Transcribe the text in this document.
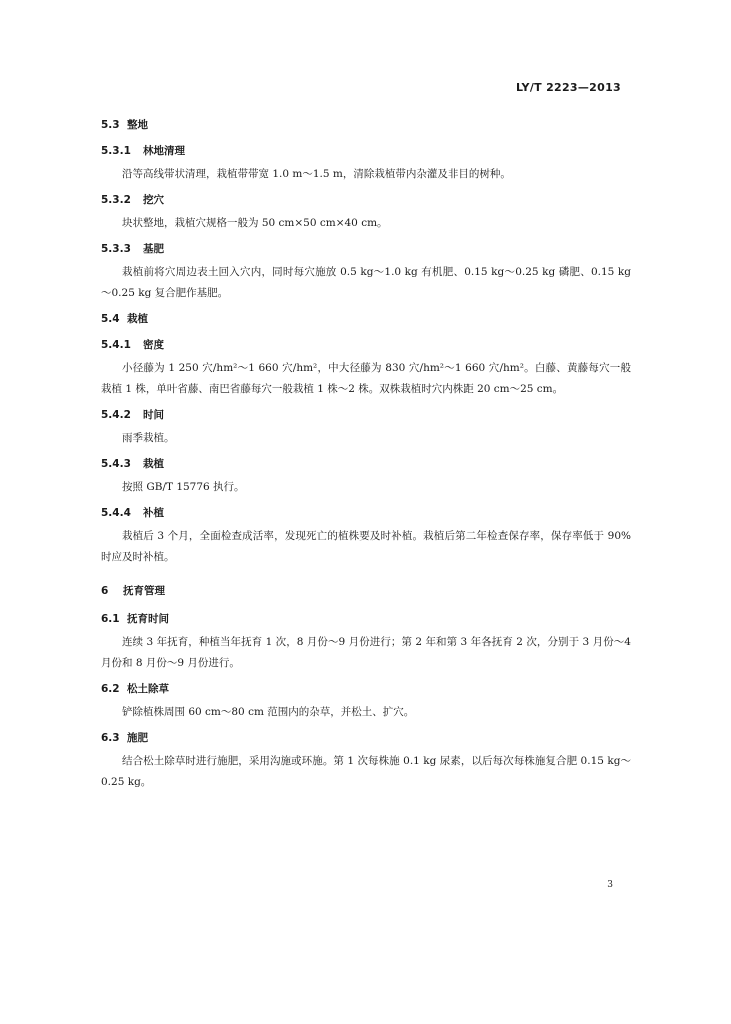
LY/T 2223—2013
5.3 整地
5.3.1 林地清理
沿等高线带状清理，栽植带带宽 1.0 m～1.5 m，清除栽植带内杂灌及非目的树种。
5.3.2 挖穴
块状整地，栽植穴规格一般为 50 cm×50 cm×40 cm。
5.3.3 基肥
栽植前将穴周边表土回入穴内，同时每穴施放 0.5 kg～1.0 kg 有机肥、0.15 kg～0.25 kg 磷肥、0.15 kg～0.25 kg 复合肥作基肥。
5.4 栽植
5.4.1 密度
小径藤为 1 250 穴/hm²～1 660 穴/hm²，中大径藤为 830 穴/hm²～1 660 穴/hm²。白藤、黄藤每穴一般栽植 1 株，单叶省藤、南巴省藤每穴一般栽植 1 株～2 株。双株栽植时穴内株距 20 cm～25 cm。
5.4.2 时间
雨季栽植。
5.4.3 栽植
按照 GB/T 15776 执行。
5.4.4 补植
栽植后 3 个月，全面检查成活率，发现死亡的植株要及时补植。栽植后第二年检查保存率，保存率低于 90% 时应及时补植。
6 抚育管理
6.1 抚育时间
连续 3 年抚育，种植当年抚育 1 次，8 月份～9 月份进行；第 2 年和第 3 年各抚育 2 次，分别于 3 月份～4 月份和 8 月份～9 月份进行。
6.2 松土除草
铲除植株周围 60 cm～80 cm 范围内的杂草，并松土、扩穴。
6.3 施肥
结合松土除草时进行施肥，采用沟施或环施。第 1 次每株施 0.1 kg 尿素，以后每次每株施复合肥 0.15 kg～0.25 kg。
3
